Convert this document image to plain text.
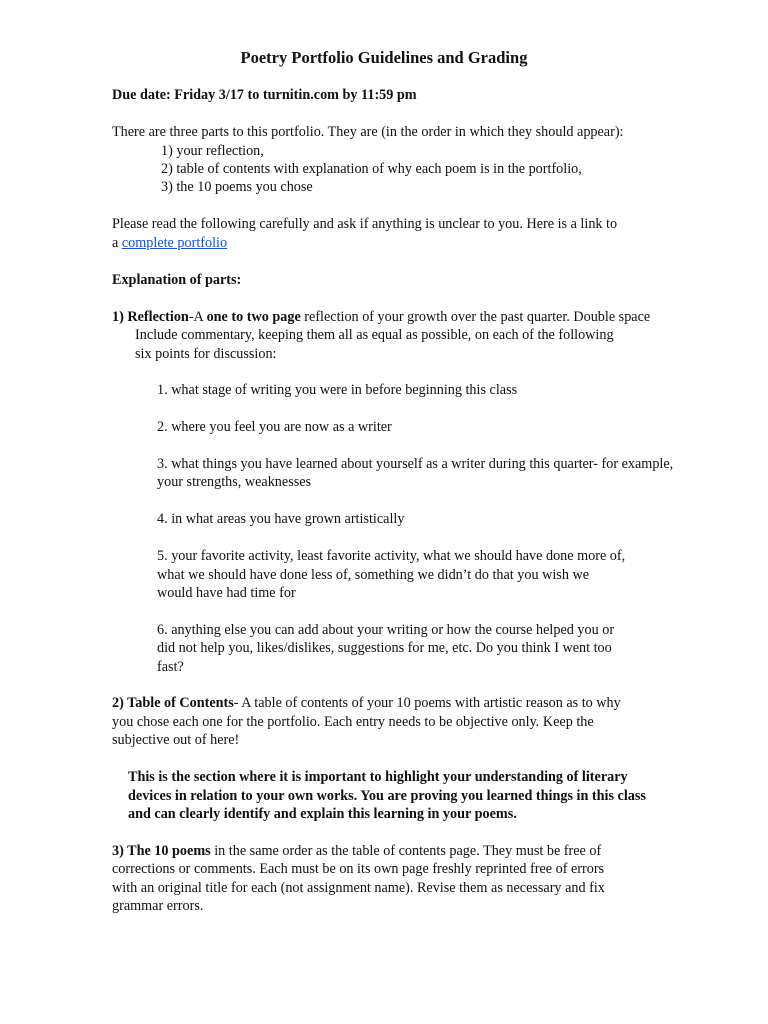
Poetry Portfolio Guidelines and Grading
Due date: Friday 3/17 to turnitin.com by 11:59 pm
There are three parts to this portfolio. They are (in the order in which they should appear):
1) your reflection,
2) table of contents with explanation of why each poem is in the portfolio,
3) the 10 poems you chose
Please read the following carefully and ask if anything is unclear to you. Here is a link to
a complete portfolio
Explanation of parts:
1) Reflection-A one to two page reflection of your growth over the past quarter. Double space
Include commentary, keeping them all as equal as possible, on each of the following
six points for discussion:
1. what stage of writing you were in before beginning this class
2. where you feel you are now as a writer
3. what things you have learned about yourself as a writer during this quarter- for example,
your strengths, weaknesses
4. in what areas you have grown artistically
5. your favorite activity, least favorite activity, what we should have done more of,
what we should have done less of, something we didn’t do that you wish we
would have had time for
6. anything else you can add about your writing or how the course helped you or
did not help you, likes/dislikes, suggestions for me, etc. Do you think I went too
fast?
2) Table of Contents- A table of contents of your 10 poems with artistic reason as to why
you chose each one for the portfolio. Each entry needs to be objective only. Keep the
subjective out of here!
This is the section where it is important to highlight your understanding of literary
devices in relation to your own works. You are proving you learned things in this class
and can clearly identify and explain this learning in your poems.
3) The 10 poems in the same order as the table of contents page. They must be free of
corrections or comments. Each must be on its own page freshly reprinted free of errors
with an original title for each (not assignment name). Revise them as necessary and fix
grammar errors.
